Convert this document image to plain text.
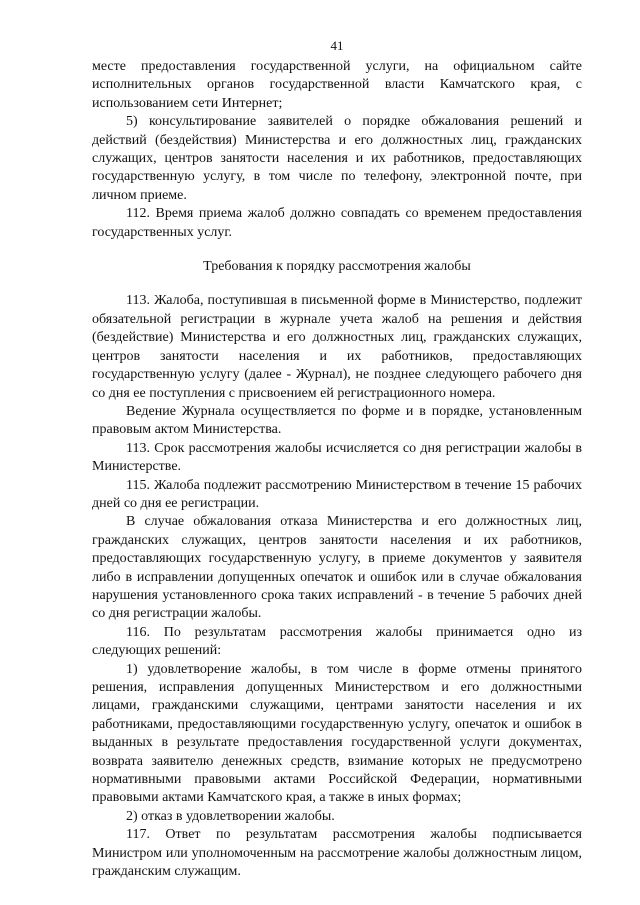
41

месте предоставления государственной услуги, на официальном сайте исполнительных органов государственной власти Камчатского края, с использованием сети Интернет;

5) консультирование заявителей о порядке обжалования решений и действий (бездействия) Министерства и его должностных лиц, гражданских служащих, центров занятости населения и их работников, предоставляющих государственную услугу, в том числе по телефону, электронной почте, при личном приеме.

112. Время приема жалоб должно совпадать со временем предоставления государственных услуг.

Требования к порядку рассмотрения жалобы

113. Жалоба, поступившая в письменной форме в Министерство, подлежит обязательной регистрации в журнале учета жалоб на решения и действия (бездействие) Министерства и его должностных лиц, гражданских служащих, центров занятости населения и их работников, предоставляющих государственную услугу (далее - Журнал), не позднее следующего рабочего дня со дня ее поступления с присвоением ей регистрационного номера.

Ведение Журнала осуществляется по форме и в порядке, установленным правовым актом Министерства.

113. Срок рассмотрения жалобы исчисляется со дня регистрации жалобы в Министерстве.

115. Жалоба подлежит рассмотрению Министерством в течение 15 рабочих дней со дня ее регистрации.

В случае обжалования отказа Министерства и его должностных лиц, гражданских служащих, центров занятости населения и их работников, предоставляющих государственную услугу, в приеме документов у заявителя либо в исправлении допущенных опечаток и ошибок или в случае обжалования нарушения установленного срока таких исправлений - в течение 5 рабочих дней со дня регистрации жалобы.

116. По результатам рассмотрения жалобы принимается одно из следующих решений:

1) удовлетворение жалобы, в том числе в форме отмены принятого решения, исправления допущенных Министерством и его должностными лицами, гражданскими служащими, центрами занятости населения и их работниками, предоставляющими государственную услугу, опечаток и ошибок в выданных в результате предоставления государственной услуги документах, возврата заявителю денежных средств, взимание которых не предусмотрено нормативными правовыми актами Российской Федерации, нормативными правовыми актами Камчатского края, а также в иных формах;

2) отказ в удовлетворении жалобы.

117. Ответ по результатам рассмотрения жалобы подписывается Министром или уполномоченным на рассмотрение жалобы должностным лицом, гражданским служащим.
